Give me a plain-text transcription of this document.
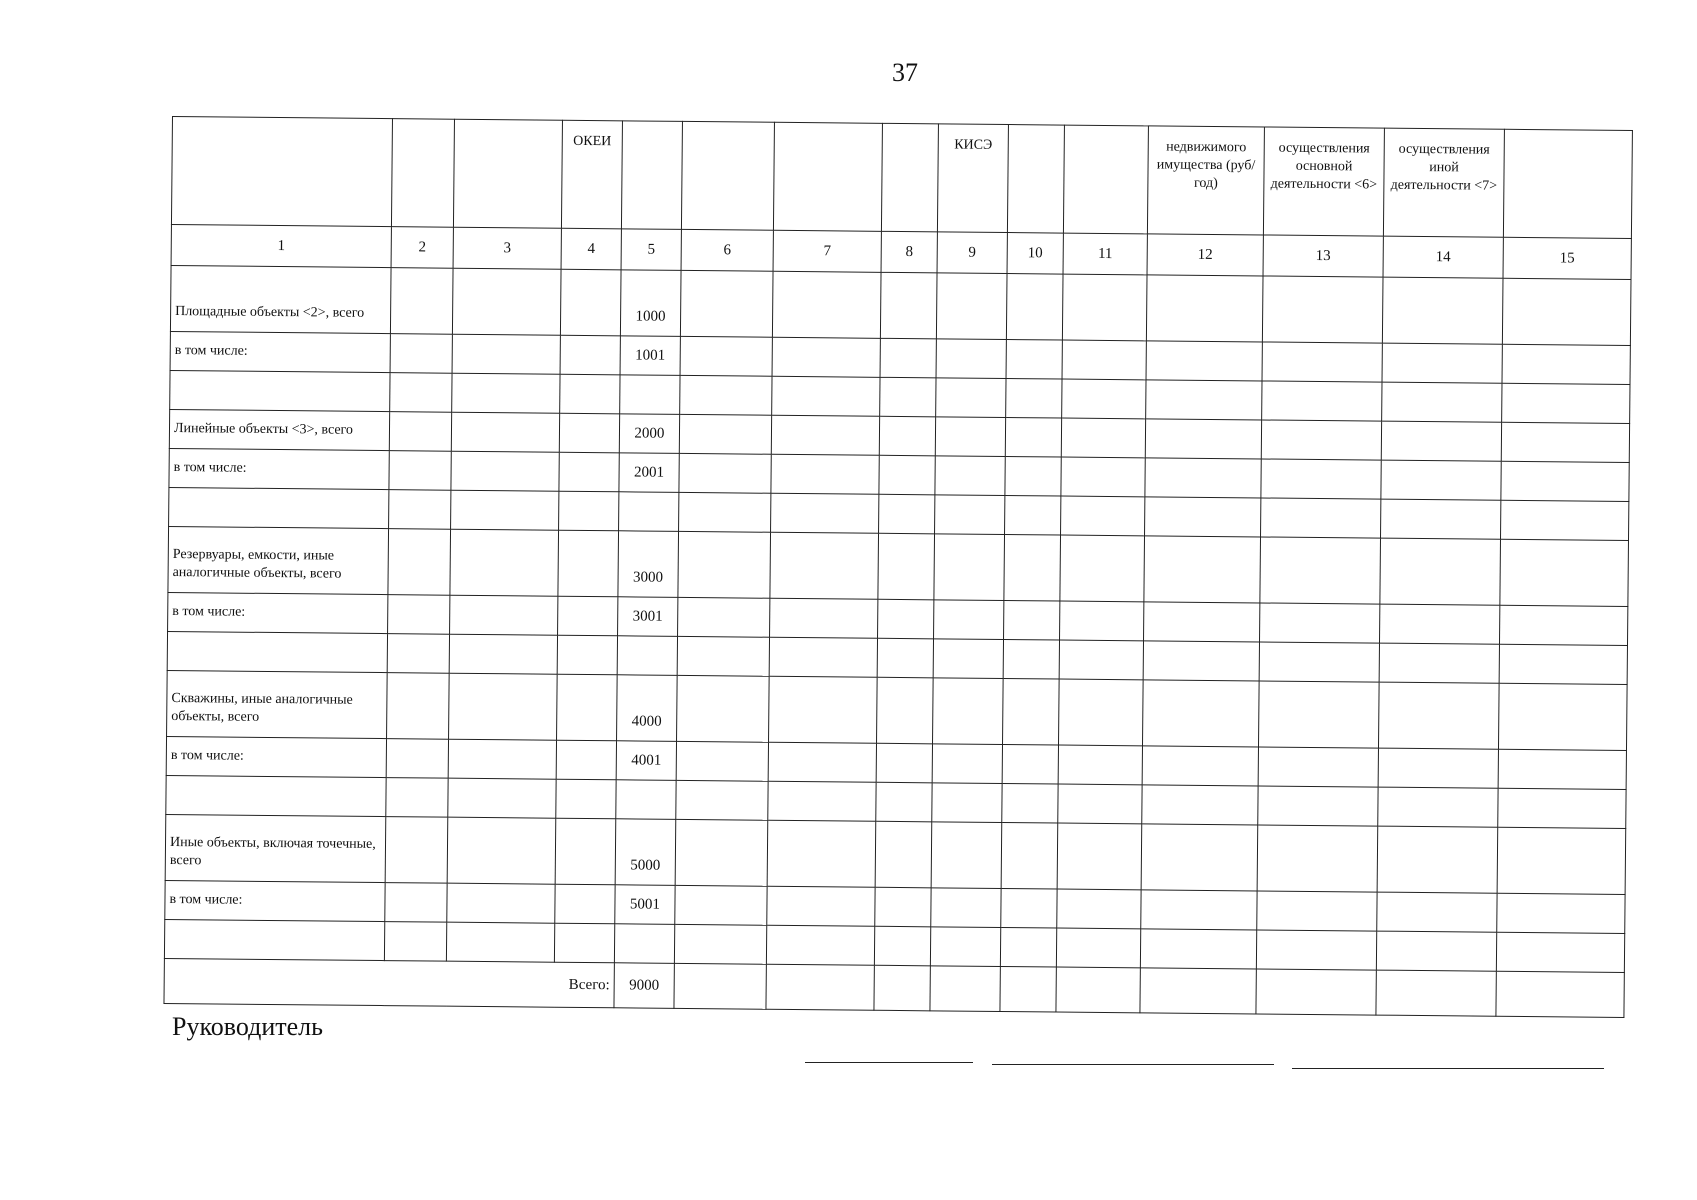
37
			ОКЕИ					КИСЭ			недвижимого имущества (руб/год)	осуществления основной деятельности <6>	осуществления иной деятельности <7>	
1	2	3	4	5	6	7	8	9	10	11	12	13	14	15
Площадные объекты <2>, всего				1000										
в том числе:				1001										

Линейные объекты <3>, всего				2000										
в том числе:				2001										

Резервуары, емкости, иные аналогичные объекты, всего				3000										
в том числе:				3001										

Скважины, иные аналогичные объекты, всего				4000										
в том числе:				4001										

Иные объекты, включая точечные, всего				5000										
в том числе:				5001										

Всего:				9000										
Руководитель
